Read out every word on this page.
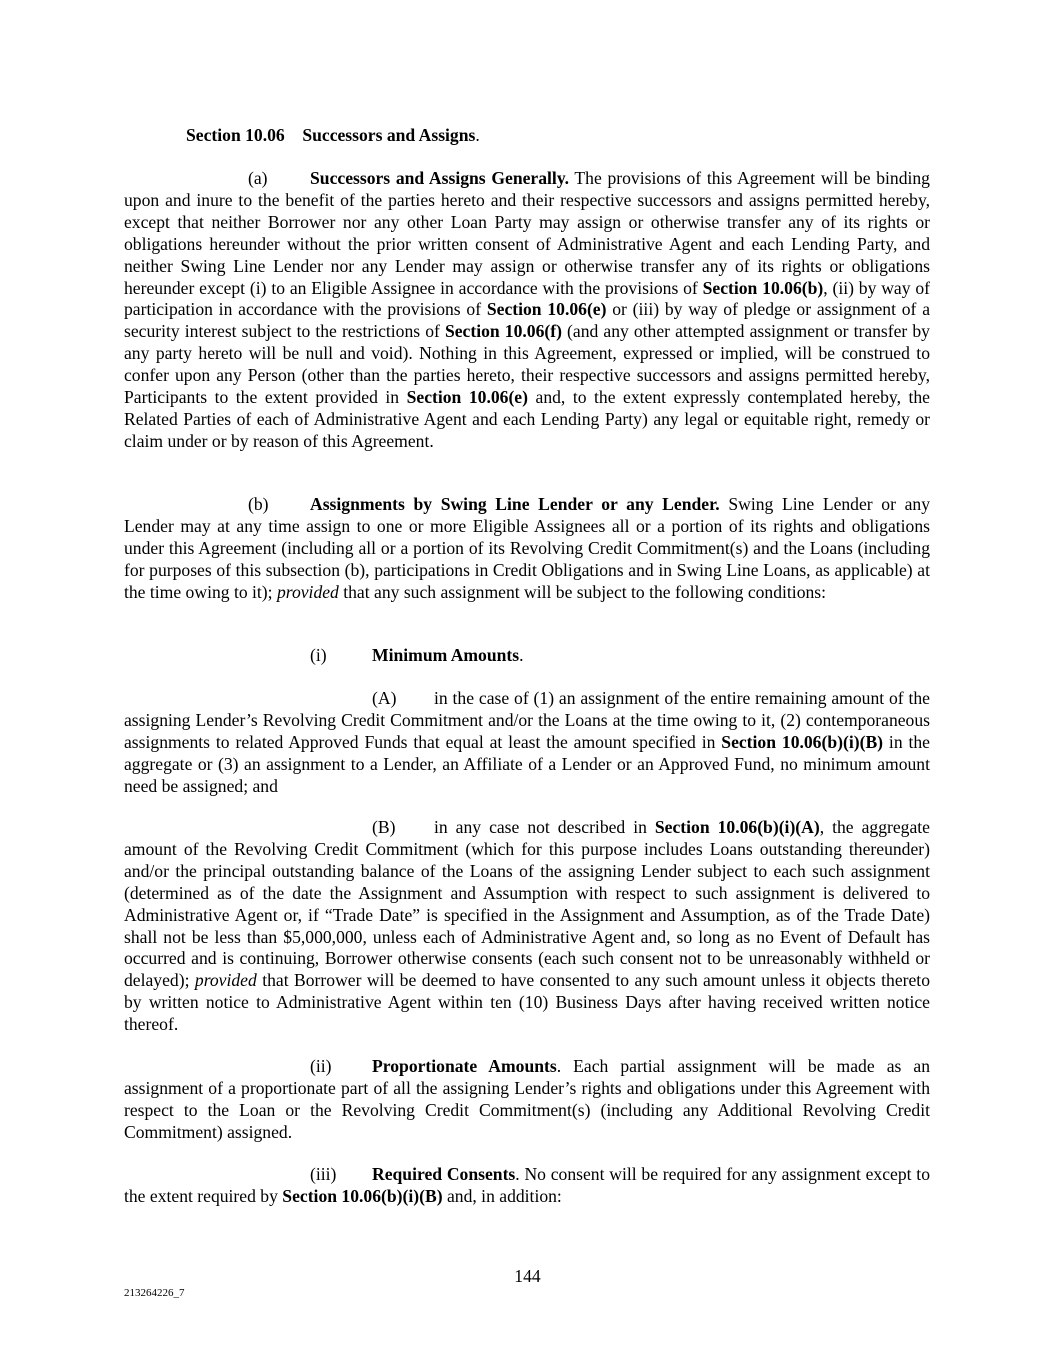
Section 10.06 Successors and Assigns.

(a) Successors and Assigns Generally. The provisions of this Agreement will be binding upon and inure to the benefit of the parties hereto and their respective successors and assigns permitted hereby, except that neither Borrower nor any other Loan Party may assign or otherwise transfer any of its rights or obligations hereunder without the prior written consent of Administrative Agent and each Lending Party, and neither Swing Line Lender nor any Lender may assign or otherwise transfer any of its rights or obligations hereunder except (i) to an Eligible Assignee in accordance with the provisions of Section 10.06(b), (ii) by way of participation in accordance with the provisions of Section 10.06(e) or (iii) by way of pledge or assignment of a security interest subject to the restrictions of Section 10.06(f) (and any other attempted assignment or transfer by any party hereto will be null and void). Nothing in this Agreement, expressed or implied, will be construed to confer upon any Person (other than the parties hereto, their respective successors and assigns permitted hereby, Participants to the extent provided in Section 10.06(e) and, to the extent expressly contemplated hereby, the Related Parties of each of Administrative Agent and each Lending Party) any legal or equitable right, remedy or claim under or by reason of this Agreement.

(b) Assignments by Swing Line Lender or any Lender. Swing Line Lender or any Lender may at any time assign to one or more Eligible Assignees all or a portion of its rights and obligations under this Agreement (including all or a portion of its Revolving Credit Commitment(s) and the Loans (including for purposes of this subsection (b), participations in Credit Obligations and in Swing Line Loans, as applicable) at the time owing to it); provided that any such assignment will be subject to the following conditions:

(i)	Minimum Amounts.

(A) in the case of (1) an assignment of the entire remaining amount of the assigning Lender’s Revolving Credit Commitment and/or the Loans at the time owing to it, (2) contemporaneous assignments to related Approved Funds that equal at least the amount specified in Section 10.06(b)(i)(B) in the aggregate or (3) an assignment to a Lender, an Affiliate of a Lender or an Approved Fund, no minimum amount need be assigned; and

(B) in any case not described in Section 10.06(b)(i)(A), the aggregate amount of the Revolving Credit Commitment (which for this purpose includes Loans outstanding thereunder) and/or the principal outstanding balance of the Loans of the assigning Lender subject to each such assignment (determined as of the date the Assignment and Assumption with respect to such assignment is delivered to Administrative Agent or, if “Trade Date” is specified in the Assignment and Assumption, as of the Trade Date) shall not be less than $5,000,000, unless each of Administrative Agent and, so long as no Event of Default has occurred and is continuing, Borrower otherwise consents (each such consent not to be unreasonably withheld or delayed); provided that Borrower will be deemed to have consented to any such amount unless it objects thereto by written notice to Administrative Agent within ten (10) Business Days after having received written notice thereof.

(ii) Proportionate Amounts. Each partial assignment will be made as an assignment of a proportionate part of all the assigning Lender’s rights and obligations under this Agreement with respect to the Loan or the Revolving Credit Commitment(s) (including any Additional Revolving Credit Commitment) assigned.

(iii) Required Consents. No consent will be required for any assignment except to the extent required by Section 10.06(b)(i)(B) and, in addition:

144
213264226_7
